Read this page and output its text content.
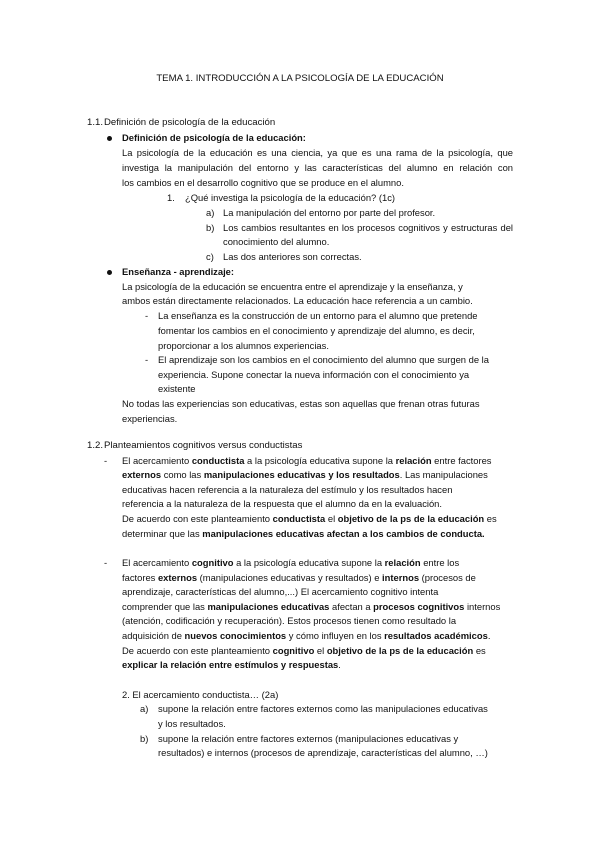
TEMA 1. INTRODUCCIÓN A LA PSICOLOGÍA DE LA EDUCACIÓN
1.1. Definición de psicología de la educación
Definición de psicología de la educación:
La psicología de la educación es una ciencia, ya que es una rama de la psicología, que
investiga la manipulación del entorno y las características del alumno en relación con
los cambios en el desarrollo cognitivo que se produce en el alumno.
1. ¿Qué investiga la psicología de la educación? (1c)
a) La manipulación del entorno por parte del profesor.
b) Los cambios resultantes en los procesos cognitivos y estructuras del
conocimiento del alumno.
c) Las dos anteriores son correctas.
Enseñanza - aprendizaje:
La psicología de la educación se encuentra entre el aprendizaje y la enseñanza, y
ambos están directamente relacionados. La educación hace referencia a un cambio.
- La enseñanza es la construcción de un entorno para el alumno que pretende
fomentar los cambios en el conocimiento y aprendizaje del alumno, es decir,
proporcionar a los alumnos experiencias.
- El aprendizaje son los cambios en el conocimiento del alumno que surgen de la
experiencia. Supone conectar la nueva información con el conocimiento ya
existente
No todas las experiencias son educativas, estas son aquellas que frenan otras futuras
experiencias.
1.2. Planteamientos cognitivos versus conductistas
- El acercamiento conductista a la psicología educativa supone la relación entre factores
externos como las manipulaciones educativas y los resultados. Las manipulaciones
educativas hacen referencia a la naturaleza del estímulo y los resultados hacen
referencia a la naturaleza de la respuesta que el alumno da en la evaluación.
De acuerdo con este planteamiento conductista el objetivo de la ps de la educación es
determinar que las manipulaciones educativas afectan a los cambios de conducta.
- El acercamiento cognitivo a la psicología educativa supone la relación entre los
factores externos (manipulaciones educativas y resultados) e internos (procesos de
aprendizaje, características del alumno,...) El acercamiento cognitivo intenta
comprender que las manipulaciones educativas afectan a procesos cognitivos internos
(atención, codificación y recuperación). Estos procesos tienen como resultado la
adquisición de nuevos conocimientos y cómo influyen en los resultados académicos.
De acuerdo con este planteamiento cognitivo el objetivo de la ps de la educación es
explicar la relación entre estímulos y respuestas.
2. El acercamiento conductista… (2a)
a) supone la relación entre factores externos como las manipulaciones educativas
y los resultados.
b) supone la relación entre factores externos (manipulaciones educativas y
resultados) e internos (procesos de aprendizaje, características del alumno, …)
